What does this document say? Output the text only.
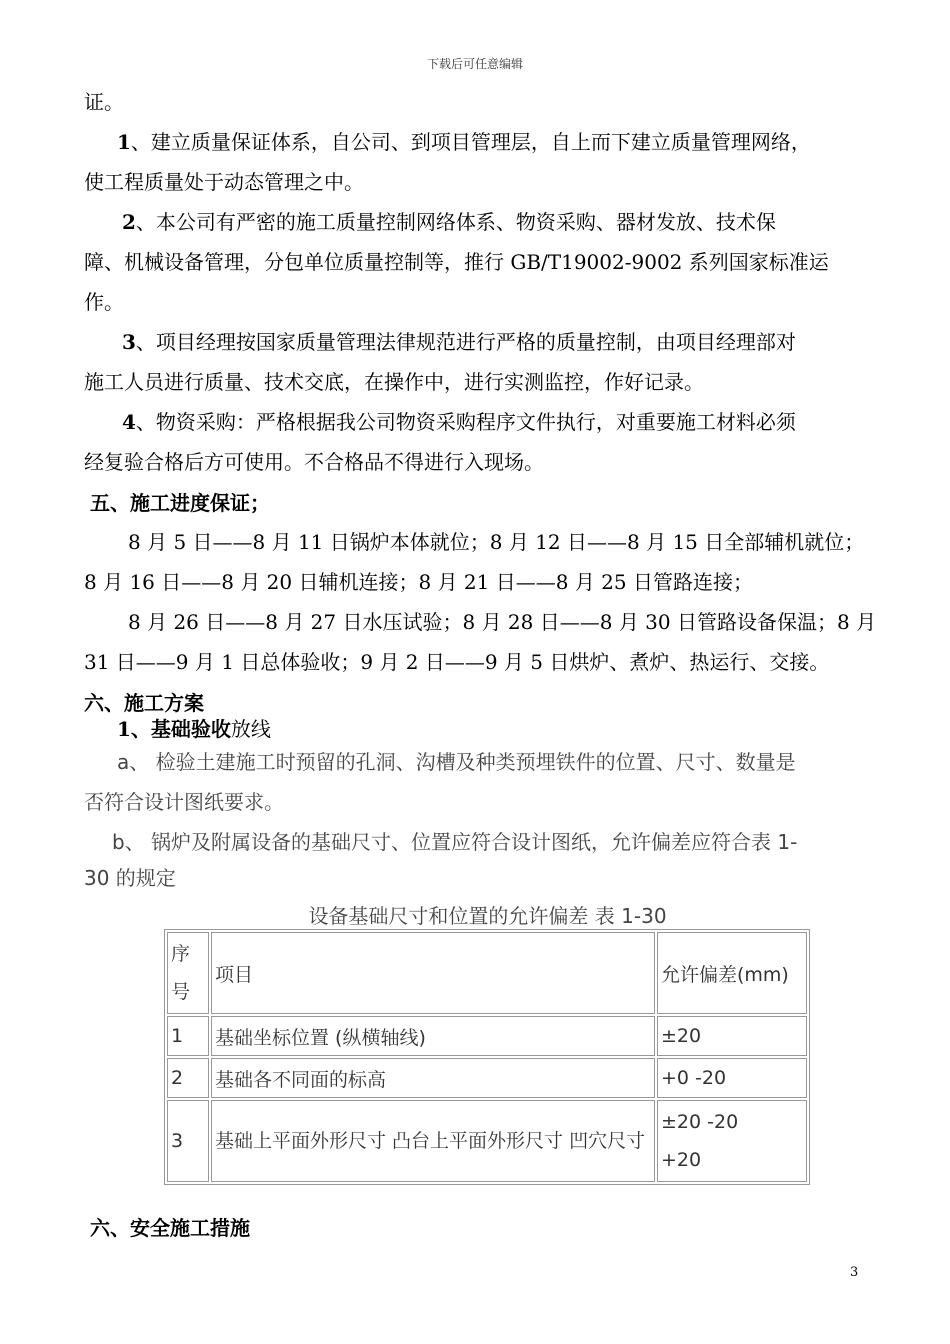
下载后可任意编辑
证。
1、建立质量保证体系，自公司、到项目管理层，自上而下建立质量管理网络，
使工程质量处于动态管理之中。
2、本公司有严密的施工质量控制网络体系、物资采购、器材发放、技术保
障、机械设备管理，分包单位质量控制等，推行 GB/T19002-9002 系列国家标准运
作。
3、项目经理按国家质量管理法律规范进行严格的质量控制，由项目经理部对
施工人员进行质量、技术交底，在操作中，进行实测监控，作好记录。
4、物资采购：严格根据我公司物资采购程序文件执行，对重要施工材料必须
经复验合格后方可使用。不合格品不得进行入现场。
五、施工进度保证；
8 月 5 日——8 月 11 日锅炉本体就位；8 月 12 日——8 月 15 日全部辅机就位；
8 月 16 日——8 月 20 日辅机连接；8 月 21 日——8 月 25 日管路连接；
8 月 26 日——8 月 27 日水压试验；8 月 28 日——8 月 30 日管路设备保温；8 月
31 日——9 月 1 日总体验收；9 月 2 日——9 月 5 日烘炉、煮炉、热运行、交接。
六、施工方案
1、基础验收放线
a、 检验土建施工时预留的孔洞、沟槽及种类预埋铁件的位置、尺寸、数量是
否符合设计图纸要求。
b、 锅炉及附属设备的基础尺寸、位置应符合设计图纸，允许偏差应符合表 1-
30 的规定
设备基础尺寸和位置的允许偏差 表 1-30
序号	项目	允许偏差(mm)
1	基础坐标位置 (纵横轴线)	±20
2	基础各不同面的标高	+0 -20
3	基础上平面外形尺寸 凸台上平面外形尺寸 凹穴尺寸	±20 -20
+20
六、安全施工措施
3
